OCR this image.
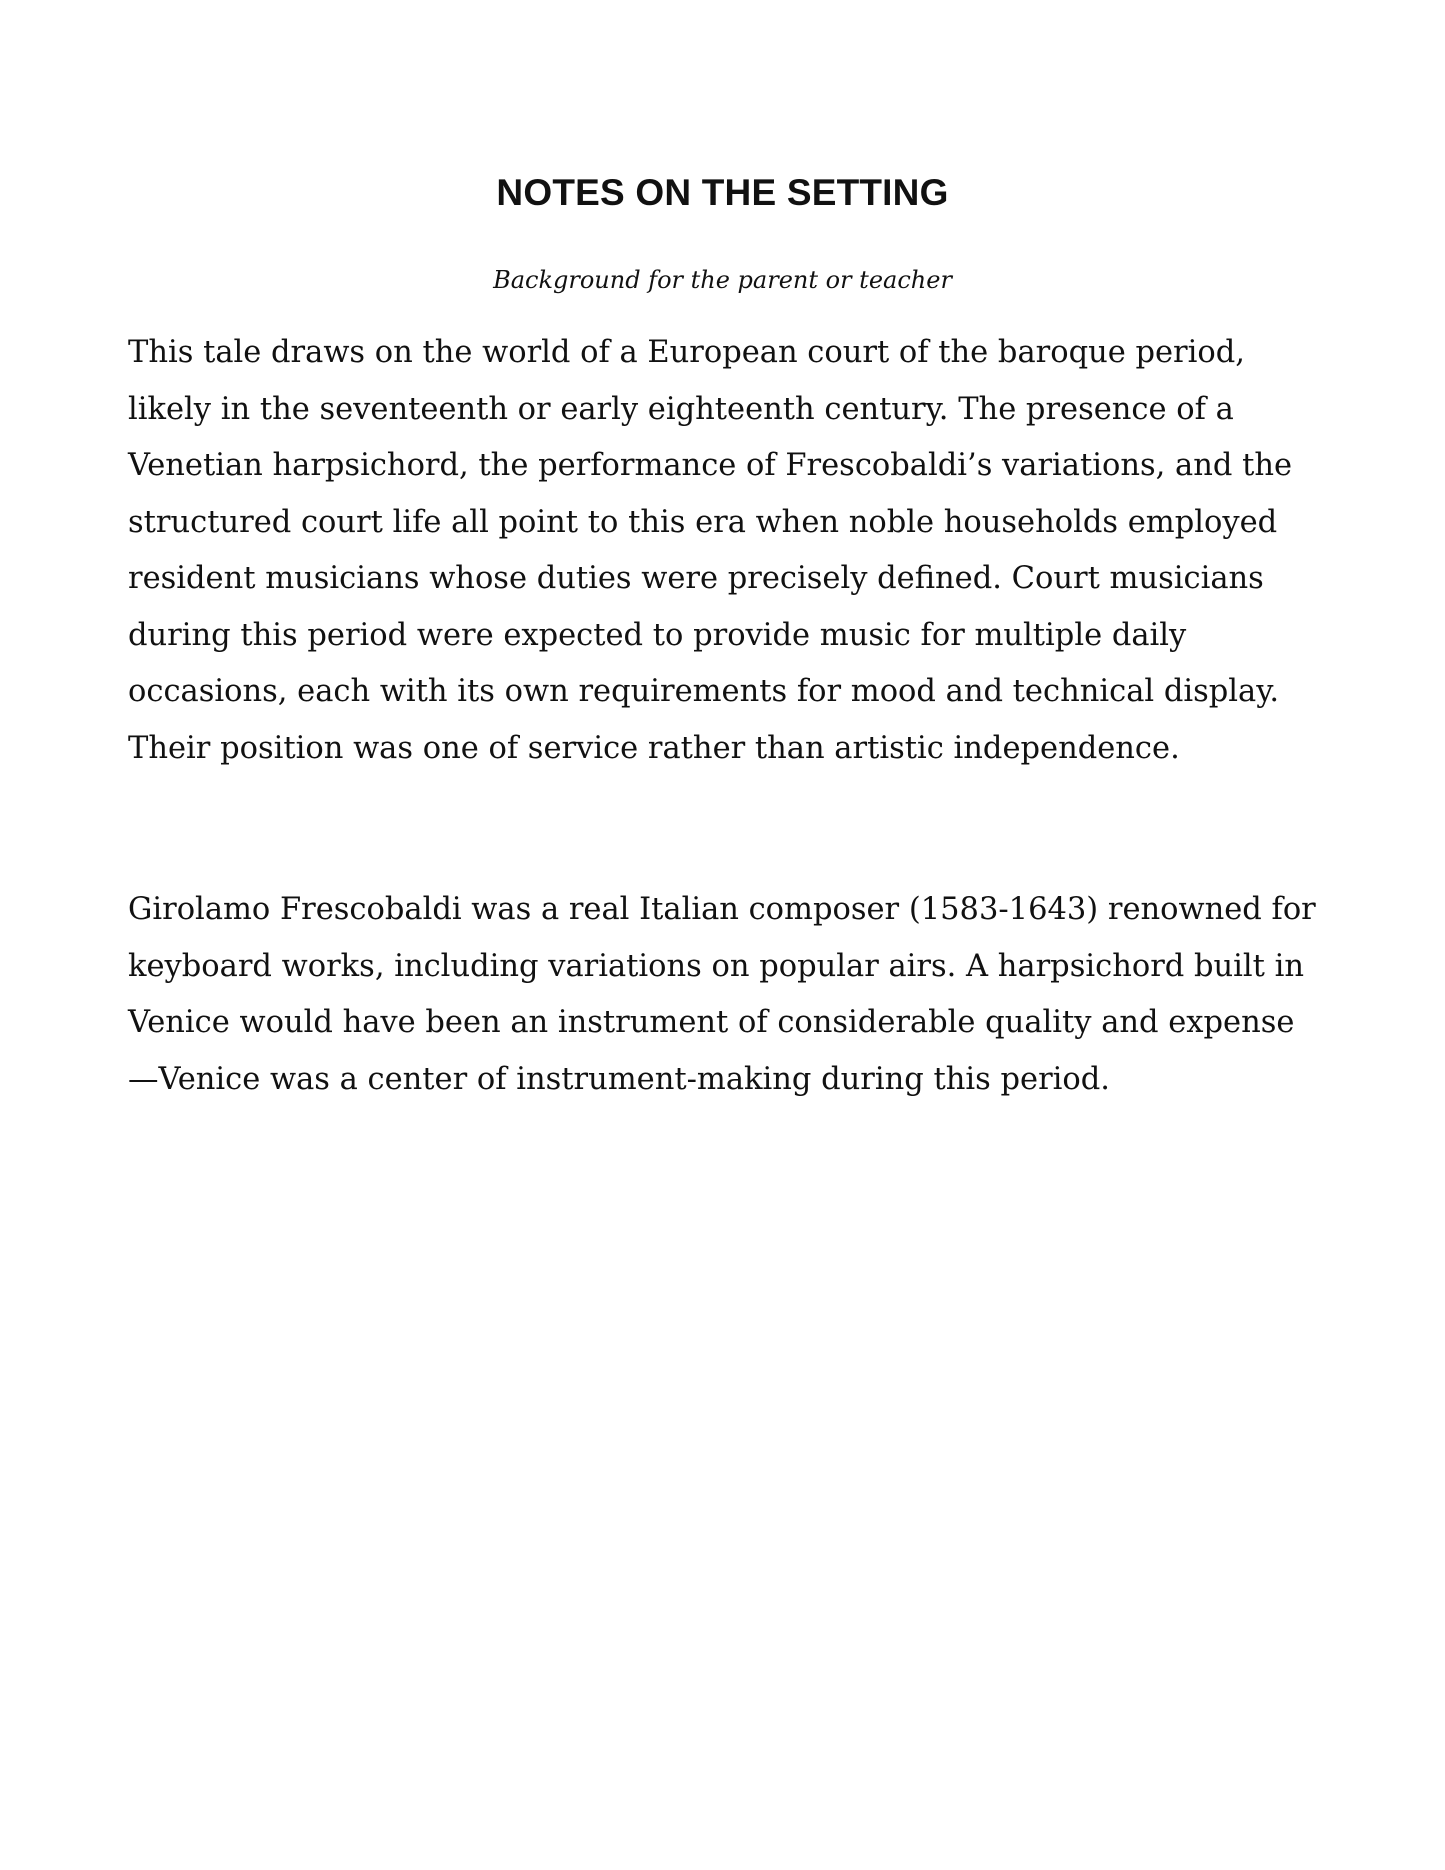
NOTES ON THE SETTING

Background for the parent or teacher

This tale draws on the world of a European court of the baroque period, likely in the seventeenth or early eighteenth century. The presence of a Venetian harpsichord, the performance of Frescobaldi’s variations, and the structured court life all point to this era when noble households employed resident musicians whose duties were precisely defined. Court musicians during this period were expected to provide music for multiple daily occasions, each with its own requirements for mood and technical display. Their position was one of service rather than artistic independence.

Girolamo Frescobaldi was a real Italian composer (1583-1643) renowned for keyboard works, including variations on popular airs. A harpsichord built in Venice would have been an instrument of considerable quality and expense—Venice was a center of instrument-making during this period.
